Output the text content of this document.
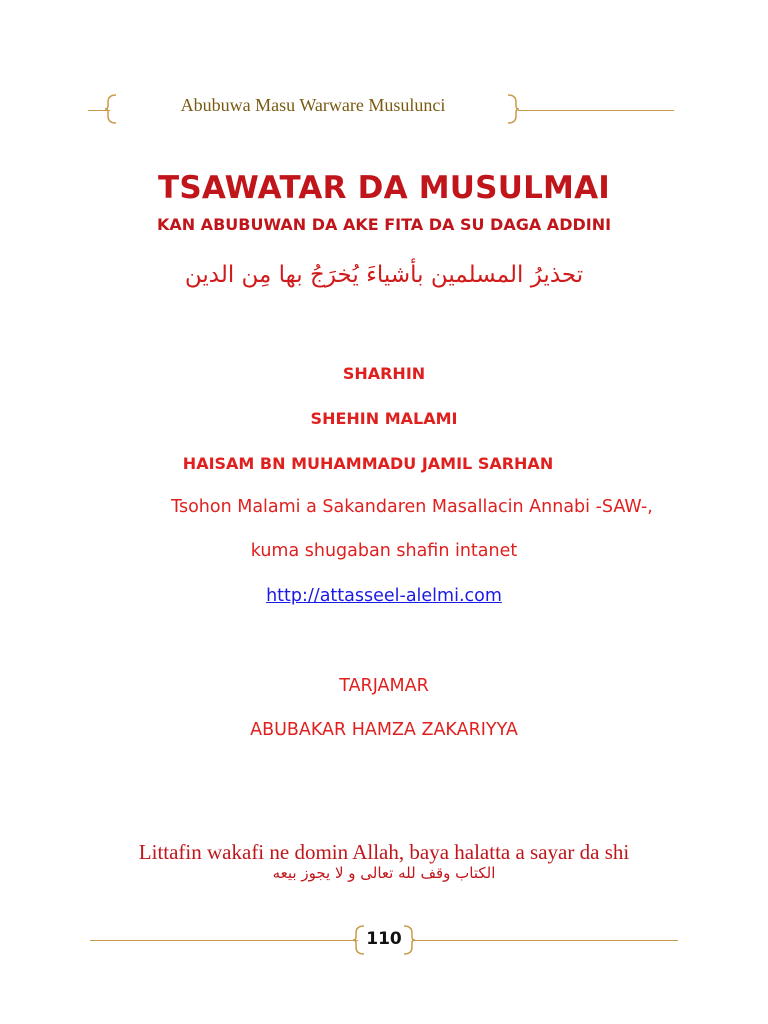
Abubuwa Masu Warware Musulunci
TSAWATAR DA MUSULMAI
KAN ABUBUWAN DA AKE FITA DA SU DAGA ADDINI
تحذيرُ المسلمين بأشياءَ يُخرَجُ بها مِن الدين
SHARHIN
SHEHIN MALAMI
HAISAM BN MUHAMMADU JAMIL SARHAN
Tsohon Malami a Sakandaren Masallacin Annabi -SAW-,
kuma shugaban shafin intanet
http://attasseel-alelmi.com
TARJAMAR
ABUBAKAR HAMZA ZAKARIYYA
Littafin wakafi ne domin Allah, baya halatta a sayar da shi
الكتاب وقف لله تعالى و لا يجوز بيعه
110
